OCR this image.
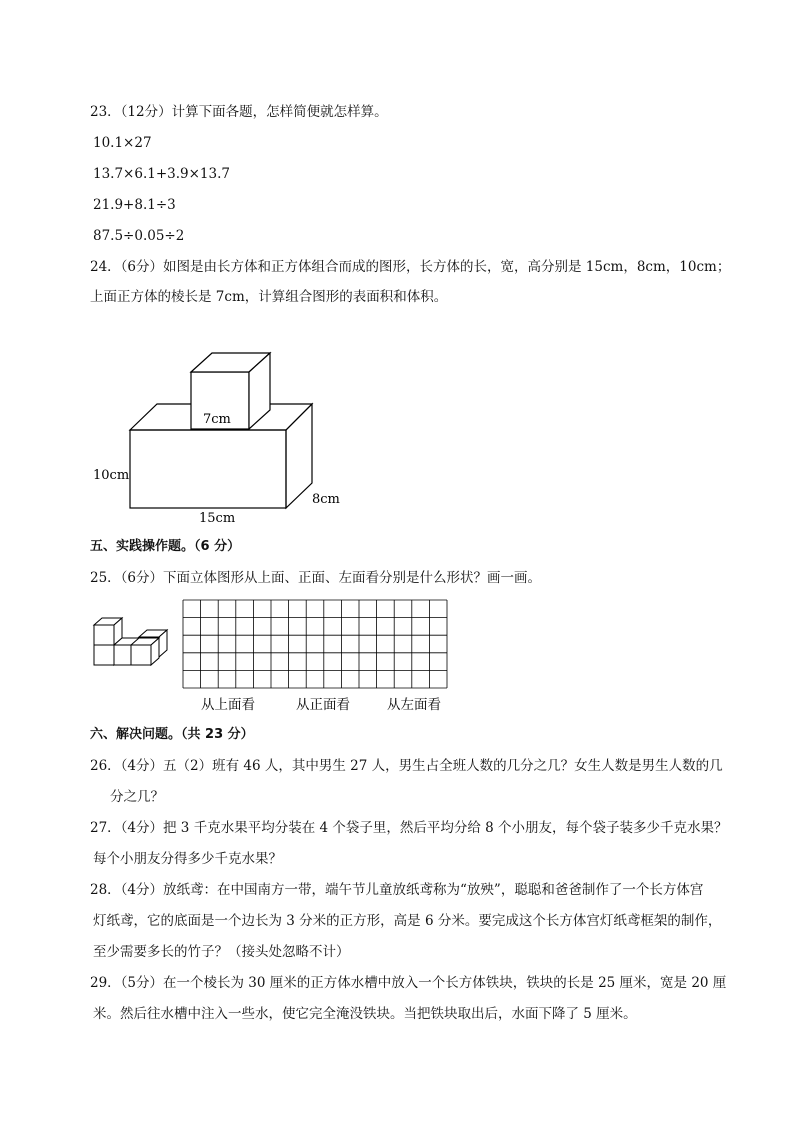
23．（12分）计算下面各题，怎样简便就怎样算。
10.1×27
13.7×6.1+3.9×13.7
21.9+8.1÷3
87.5÷0.05÷2
24．（6分）如图是由长方体和正方体组合而成的图形，长方体的长，宽，高分别是 15cm，8cm，10cm；
上面正方体的棱长是 7cm，计算组合图形的表面积和体积。
7cm
10cm
15cm
8cm
五、实践操作题。（6 分）
25．（6分）下面立体图形从上面、正面、左面看分别是什么形状？画一画。
从上面看	从正面看	从左面看
六、解决问题。（共 23 分）
26．（4分）五（2）班有 46 人，其中男生 27 人，男生占全班人数的几分之几？女生人数是男生人数的几
分之几？
27．（4分）把 3 千克水果平均分装在 4 个袋子里，然后平均分给 8 个小朋友，每个袋子装多少千克水果？
每个小朋友分得多少千克水果？
28．（4分）放纸鸢：在中国南方一带，端午节儿童放纸鸢称为“放殃”，聪聪和爸爸制作了一个长方体宫
灯纸鸢，它的底面是一个边长为 3 分米的正方形，高是 6 分米。要完成这个长方体宫灯纸鸢框架的制作，
至少需要多长的竹子？（接头处忽略不计）
29．（5分）在一个棱长为 30 厘米的正方体水槽中放入一个长方体铁块，铁块的长是 25 厘米，宽是 20 厘
米。然后往水槽中注入一些水，使它完全淹没铁块。当把铁块取出后，水面下降了 5 厘米。
